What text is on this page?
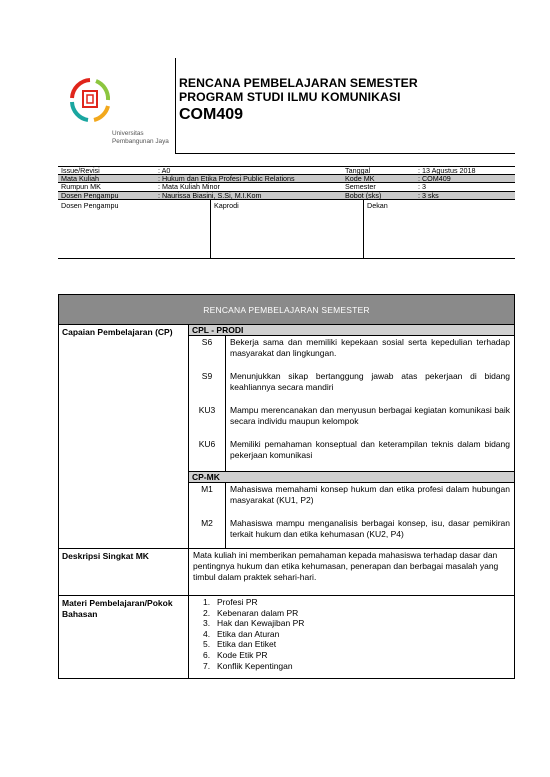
Universitas
Pembangunan Jaya
RENCANA PEMBELAJARAN SEMESTER
PROGRAM STUDI ILMU KOMUNIKASI
COM409
Issue/Revisi	: A0	Tanggal	: 13 Agustus 2018
Mata Kuliah	: Hukum dan Etika Profesi Public Relations	Kode MK	: COM409
Rumpun MK	: Mata Kuliah Minor	Semester	: 3
Dosen Pengampu	: Naurissa Biasini, S.Si, M.I.Kom	Bobot (sks)	: 3 sks
Dosen Pengampu	Kaprodi	Dekan
RENCANA PEMBELAJARAN SEMESTER
Capaian Pembelajaran (CP)	CPL - PRODI
S6	Bekerja sama dan memiliki kepekaan sosial serta kepedulian terhadap masyarakat dan lingkungan.
S9	Menunjukkan sikap bertanggung jawab atas pekerjaan di bidang keahliannya secara mandiri
KU3	Mampu merencanakan dan menyusun berbagai kegiatan komunikasi baik secara individu maupun kelompok
KU6	Memiliki pemahaman konseptual dan keterampilan teknis dalam bidang pekerjaan komunikasi
CP-MK
M1	Mahasiswa memahami konsep hukum dan etika profesi dalam hubungan masyarakat (KU1, P2)
M2	Mahasiswa mampu menganalisis berbagai konsep, isu, dasar pemikiran terkait hukum dan etika kehumasan (KU2, P4)
Deskripsi Singkat MK	Mata kuliah ini memberikan pemahaman kepada mahasiswa terhadap dasar dan pentingnya hukum dan etika kehumasan, penerapan dan berbagai masalah yang timbul dalam praktek sehari-hari.
Materi Pembelajaran/Pokok Bahasan
1. Profesi PR
2. Kebenaran dalam PR
3. Hak dan Kewajiban PR
4. Etika dan Aturan
5. Etika dan Etiket
6. Kode Etik PR
7. Konflik Kepentingan
